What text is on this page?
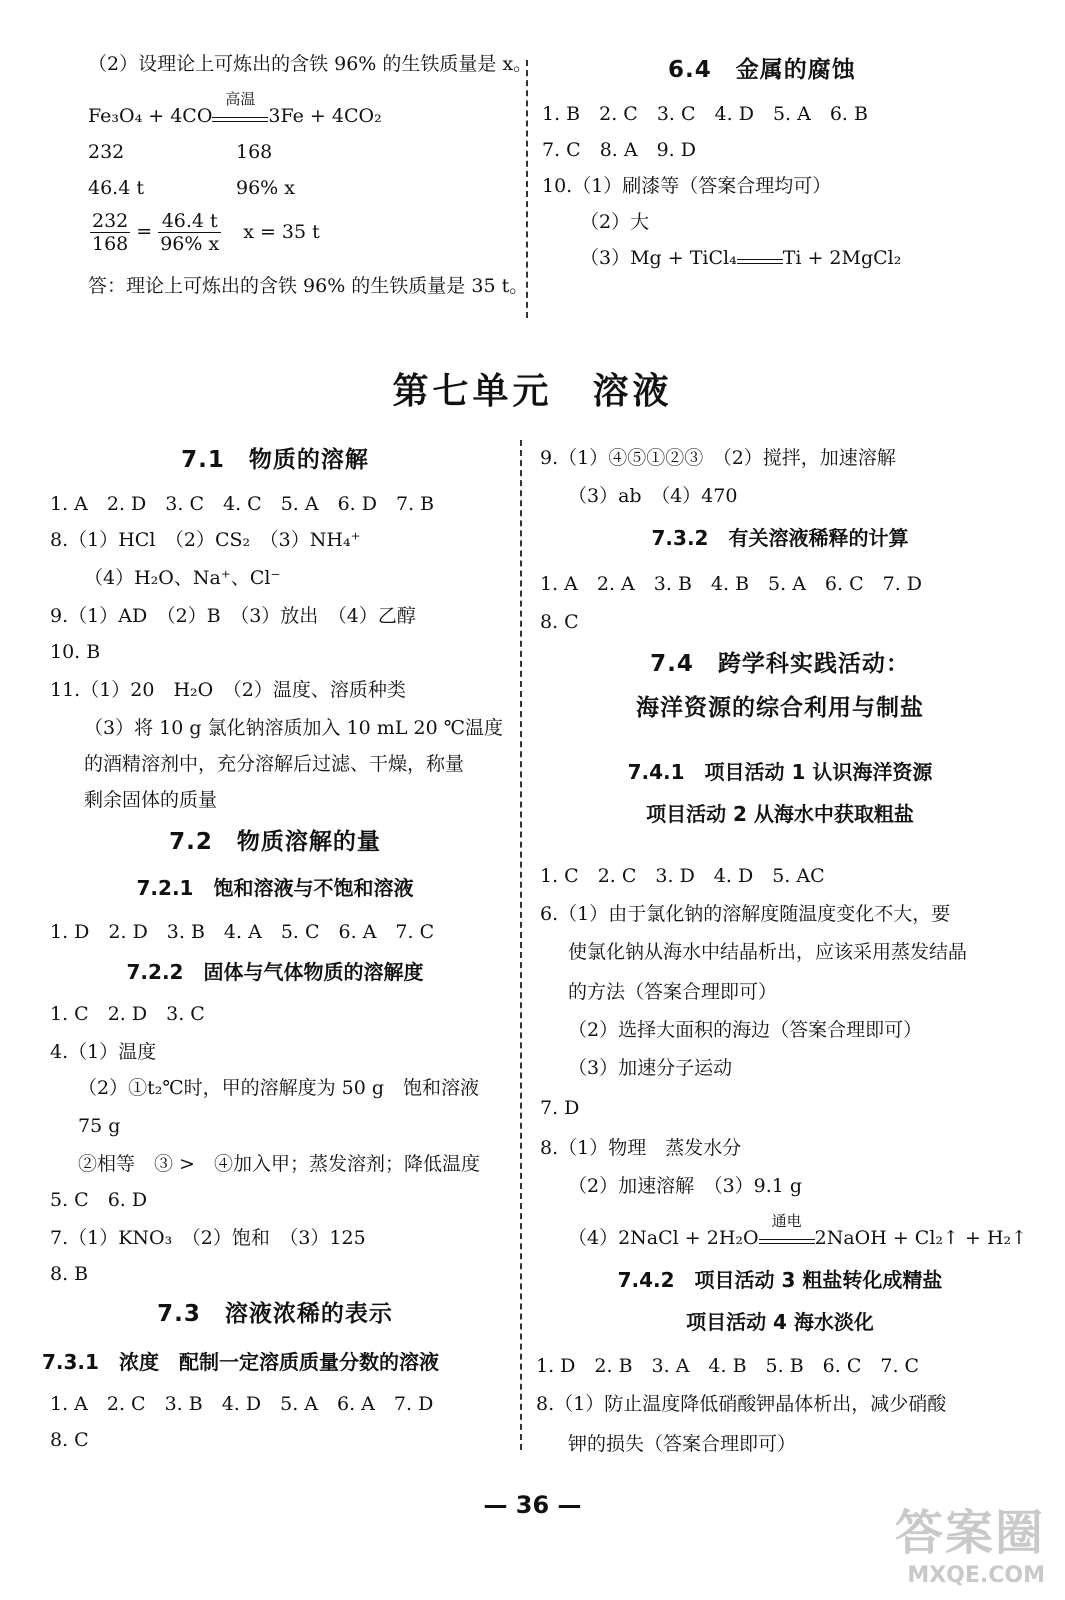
（2）设理论上可炼出的含铁 96% 的生铁质量是 x。
Fe₃O₄ + 4CO
高温
3Fe + 4CO₂
232	168
46.4 t	96% x
$\frac{232}{168} = \frac{46.4 t}{96\% x}$ x = 35 t
答：理论上可炼出的含铁 96% 的生铁质量是 35 t。
6.4　金属的腐蚀
1. B　2. C　3. C　4. D　5. A　6. B
7. C　8. A　9. D
10.（1）刷漆等（答案合理均可）
（2）大
（3）Mg + TiCl₄ Ti + 2MgCl₂
第七单元　溶液
7.1　物质的溶解
1. A　2. D　3. C　4. C　5. A　6. D　7. B
8.（1）HCl　（2）CS₂　（3）NH₄⁺
（4）H₂O、Na⁺、Cl⁻
9.（1）AD　（2）B　（3）放出　（4）乙醇
10. B
11.（1）20　H₂O　（2）温度、溶质种类
（3）将 10 g 氯化钠溶质加入 10 mL 20 ℃温度
的酒精溶剂中，充分溶解后过滤、干燥，称量
剩余固体的质量
7.2　物质溶解的量
7.2.1　饱和溶液与不饱和溶液
1. D　2. D　3. B　4. A　5. C　6. A　7. C
7.2.2　固体与气体物质的溶解度
1. C　2. D　3. C
4.（1）温度
（2）①t₂℃时，甲的溶解度为 50 g　饱和溶液
75 g
②相等　③ >　④加入甲；蒸发溶剂；降低温度
5. C　6. D
7.（1）KNO₃　（2）饱和　（3）125
8. B
7.3　溶液浓稀的表示
7.3.1　浓度　配制一定溶质质量分数的溶液
1. A　2. C　3. B　4. D　5. A　6. A　7. D
8. C
9.（1）④⑤①②③　（2）搅拌，加速溶解
（3）ab　（4）470
7.3.2　有关溶液稀释的计算
1. A　2. A　3. B　4. B　5. A　6. C　7. D
8. C
7.4　跨学科实践活动：
海洋资源的综合利用与制盐
7.4.1　项目活动 1 认识海洋资源
项目活动 2 从海水中获取粗盐
1. C　2. C　3. D　4. D　5. AC
6.（1）由于氯化钠的溶解度随温度变化不大，要
使氯化钠从海水中结晶析出，应该采用蒸发结晶
的方法（答案合理即可）
（2）选择大面积的海边（答案合理即可）
（3）加速分子运动
7. D
8.（1）物理　蒸发水分
（2）加速溶解　（3）9.1 g
（4）2NaCl + 2H₂O
通电
2NaOH + Cl₂↑ + H₂↑
7.4.2　项目活动 3 粗盐转化成精盐
项目活动 4 海水淡化
1. D　2. B　3. A　4. B　5. B　6. C　7. C
8.（1）防止温度降低硝酸钾晶体析出，减少硝酸
钾的损失（答案合理即可）
— 36 —	答案圈
MXQE.COM
